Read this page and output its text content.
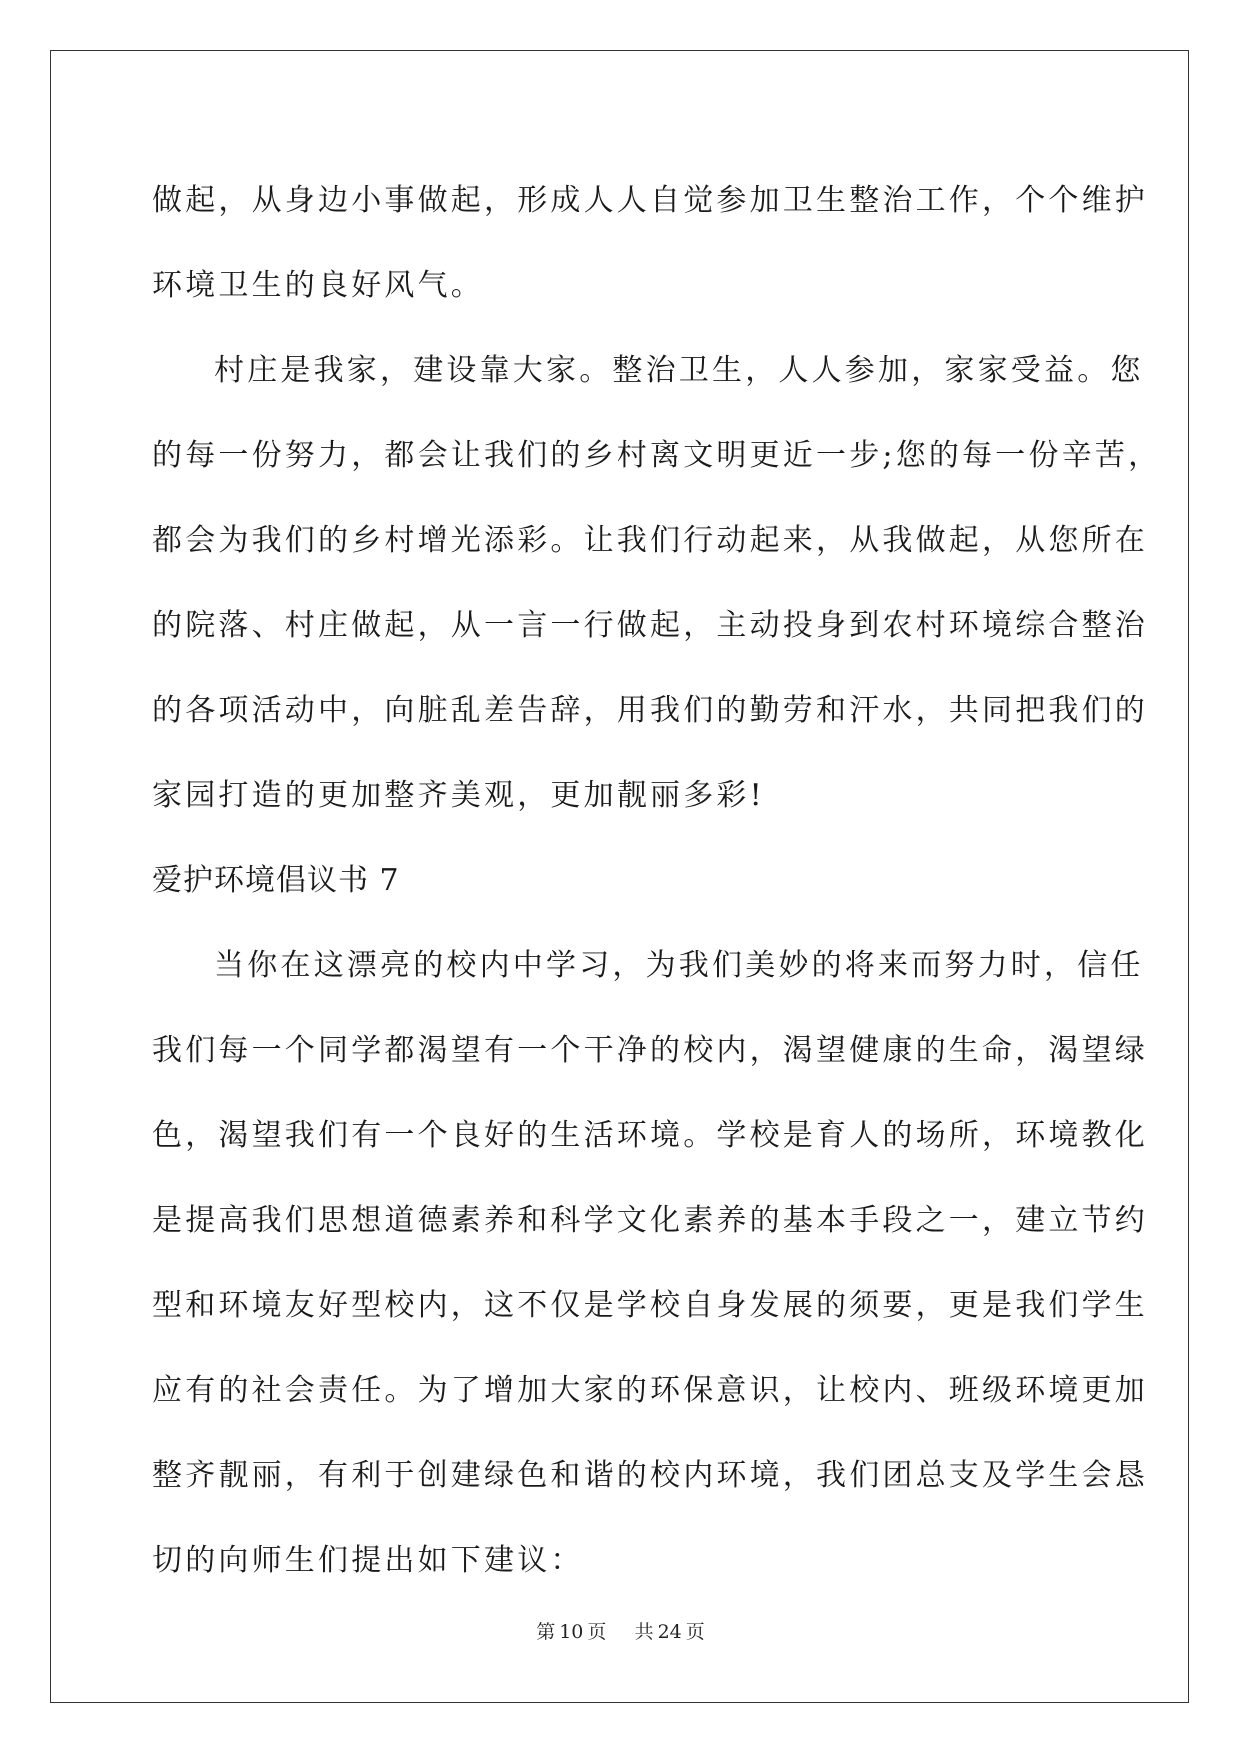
做起，从身边小事做起，形成人人自觉参加卫生整治工作，个个维护
环境卫生的良好风气。
村庄是我家，建设靠大家。整治卫生，人人参加，家家受益。您
的每一份努力，都会让我们的乡村离文明更近一步;您的每一份辛苦，
都会为我们的乡村增光添彩。让我们行动起来，从我做起，从您所在
的院落、村庄做起，从一言一行做起，主动投身到农村环境综合整治
的各项活动中，向脏乱差告辞，用我们的勤劳和汗水，共同把我们的
家园打造的更加整齐美观，更加靓丽多彩!
爱护环境倡议书 7
当你在这漂亮的校内中学习，为我们美妙的将来而努力时，信任
我们每一个同学都渴望有一个干净的校内，渴望健康的生命，渴望绿
色，渴望我们有一个良好的生活环境。学校是育人的场所，环境教化
是提高我们思想道德素养和科学文化素养的基本手段之一，建立节约
型和环境友好型校内，这不仅是学校自身发展的须要，更是我们学生
应有的社会责任。为了增加大家的环保意识，让校内、班级环境更加
整齐靓丽，有利于创建绿色和谐的校内环境，我们团总支及学生会恳
切的向师生们提出如下建议：
第 10 页 共 24 页
